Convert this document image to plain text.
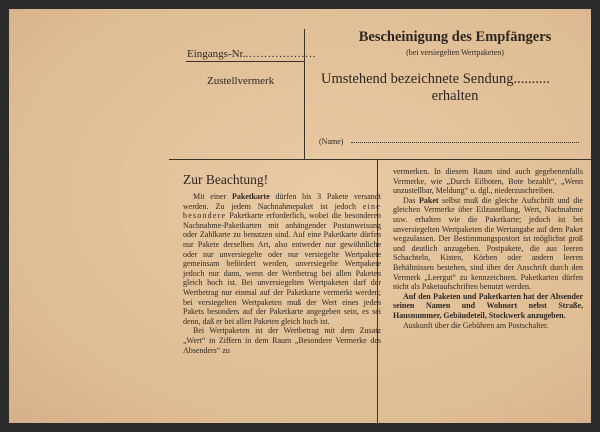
Eingangs-Nr....................
Zustellvermerk
Bescheinigung des Empfängers
(bei versiegelten Wertpaketen)
Umstehend bezeichnete Sendung..........
erhalten
(Name)
Zur Beachtung!

Mit einer Paketkarte dürfen bis 3 Pakete versandt werden. Zu jedem Nachnahmepaket ist jedoch eine besondere Paketkarte erforderlich, wobei die besonderen Nachnahme-Paketkarten mit anhängender Postanweisung oder Zahlkarte zu benutzen sind. Auf eine Paketkarte dürfen nur Pakete derselben Art, also entweder nur gewöhnliche oder nur unversiegelte oder nur versiegelte Wertpakete gemeinsam befördert werden, unversiegelte Wertpakete jedoch nur dann, wenn der Wertbetrag bei allen Paketen gleich hoch ist. Bei unversiegelten Wertpaketen darf der Wertbetrag nur einmal auf der Paketkarte vermerkt werden; bei versiegelten Wertpaketen muß der Wert eines jeden Pakets besonders auf der Paketkarte angegeben sein, es sei denn, daß er bei allen Paketen gleich hoch ist.

Bei Wertpaketen ist der Wertbetrag mit dem Zusatz „Wert“ in Ziffern in dem Raum „Besondere Vermerke des Absenders“ zu

vermerken. In diesem Raum sind auch gegebenenfalls Vermerke, wie „Durch Eilboten, Bote bezahlt“, „Wenn unzustellbar, Meldung“ u. dgl., niederzuschreiben.

Das Paket selbst muß die gleiche Aufschrift und die gleichen Vermerke über Eilzustellung, Wert, Nachnahme usw. erhalten wie die Paketkarte; jedoch ist bei unversiegelten Wertpaketen die Wertangabe auf dem Paket wegzulassen. Der Bestimmungspostort ist möglichst groß und deutlich anzugeben. Postpakete, die aus leeren Schachteln, Kisten, Körben oder andern leeren Behältnissen bestehen, sind über der Anschrift durch den Vermerk „Leergut“ zu kennzeichnen. Paketkarten dürfen nicht als Paketaufschriften benutzt werden.

Auf den Paketen und Paketkarten hat der Absender seinen Namen und Wohnort nebst Straße, Hausnummer, Gebäudeteil, Stockwerk anzugeben.

Auskunft über die Gebühren am Postschalter.
